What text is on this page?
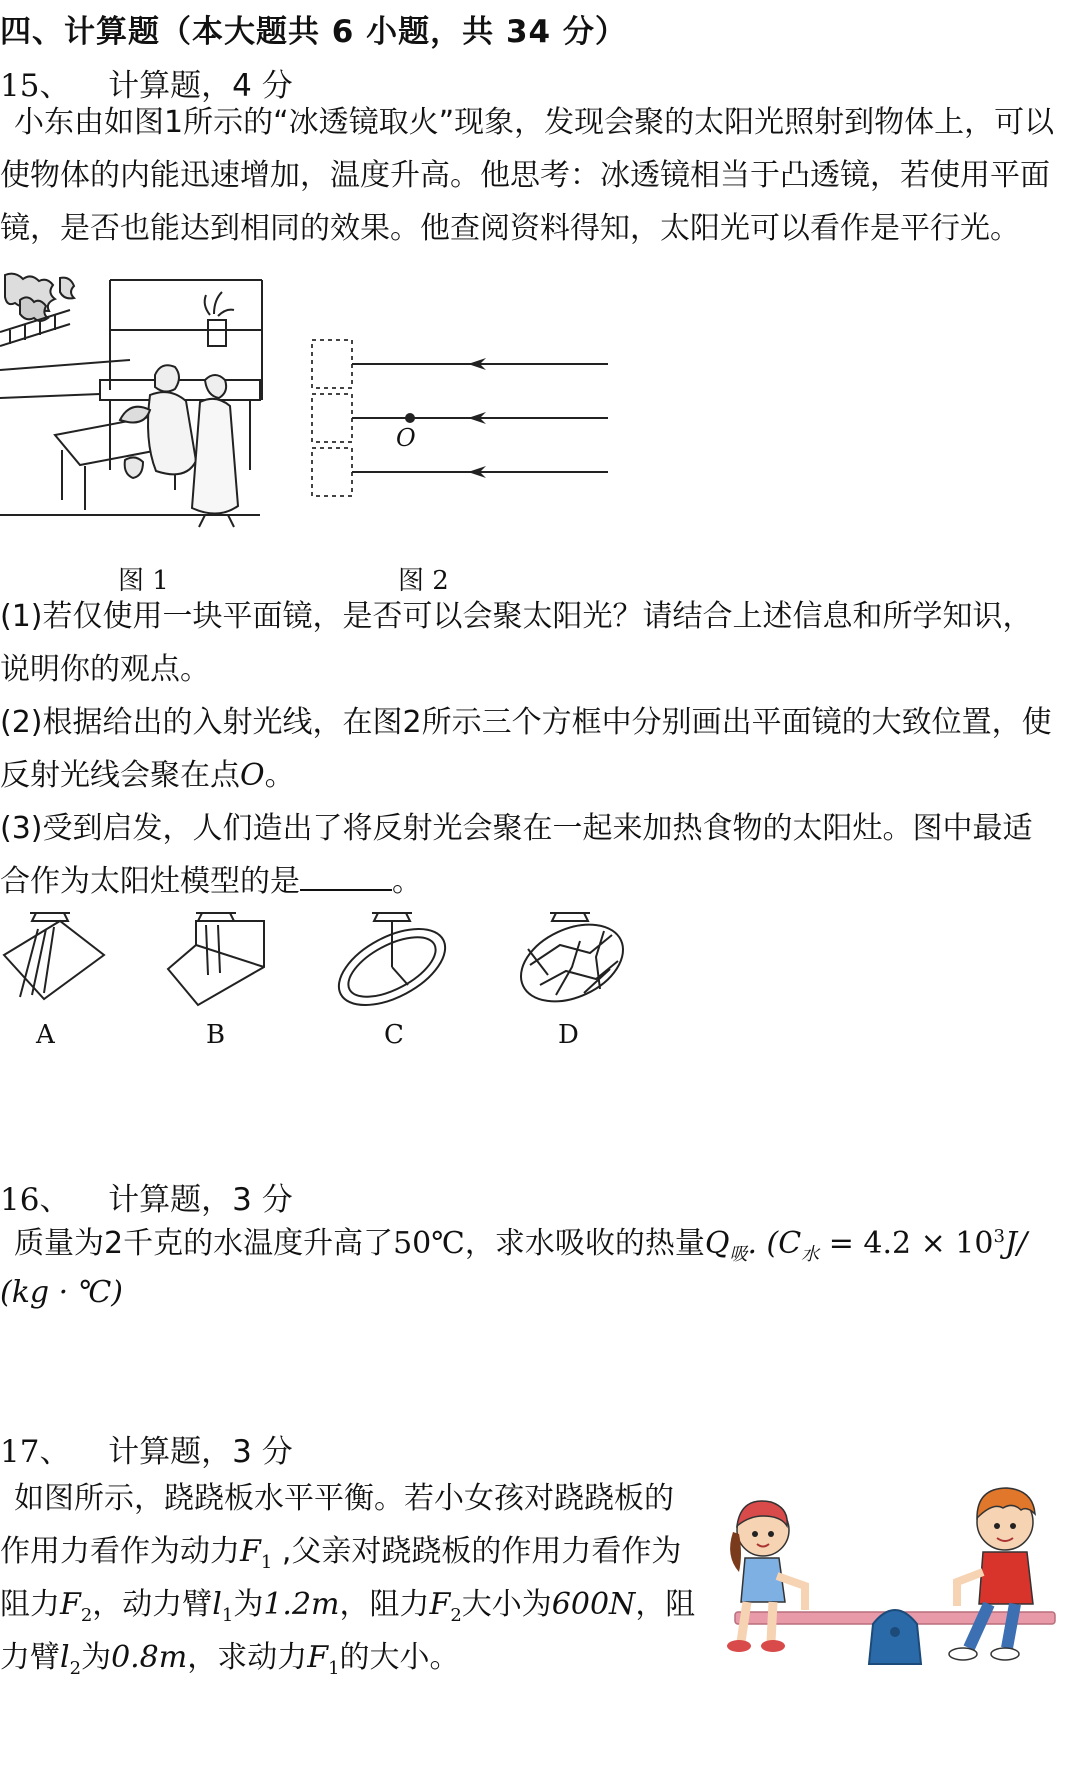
四、计算题（本大题共 6 小题，共 34 分）
15、 计算题，4 分
小东由如图1所示的“冰透镜取火”现象，发现会聚的太阳光照射到物体上，可以
使物体的内能迅速增加，温度升高。他思考：冰透镜相当于凸透镜，若使用平面
镜，是否也能达到相同的效果。他查阅资料得知，太阳光可以看作是平行光。
图 1
O
图 2
(1)若仅使用一块平面镜，是否可以会聚太阳光？请结合上述信息和所学知识，
说明你的观点。
(2)根据给出的入射光线，在图2所示三个方框中分别画出平面镜的大致位置，使
反射光线会聚在点O。
(3)受到启发，人们造出了将反射光会聚在一起来加热食物的太阳灶。图中最适
合作为太阳灶模型的是	。
A	B	C	D
16、 计算题，3 分
质量为2千克的水温度升高了50℃，求水吸收的热量$Q_吸$. ($C_水 = 4.2 \times 10^3J/$
(kg · ℃)
17、 计算题，3 分
如图所示，跷跷板水平平衡。若小女孩对跷跷板的
作用力看作为动力$F_1$ ,父亲对跷跷板的作用力看作为
阻力$F_2$，动力臂$l_1$为1.2m，阻力$F_2$大小为600N，阻
力臂$l_2$为0.8m，求动力$F_1$的大小。
